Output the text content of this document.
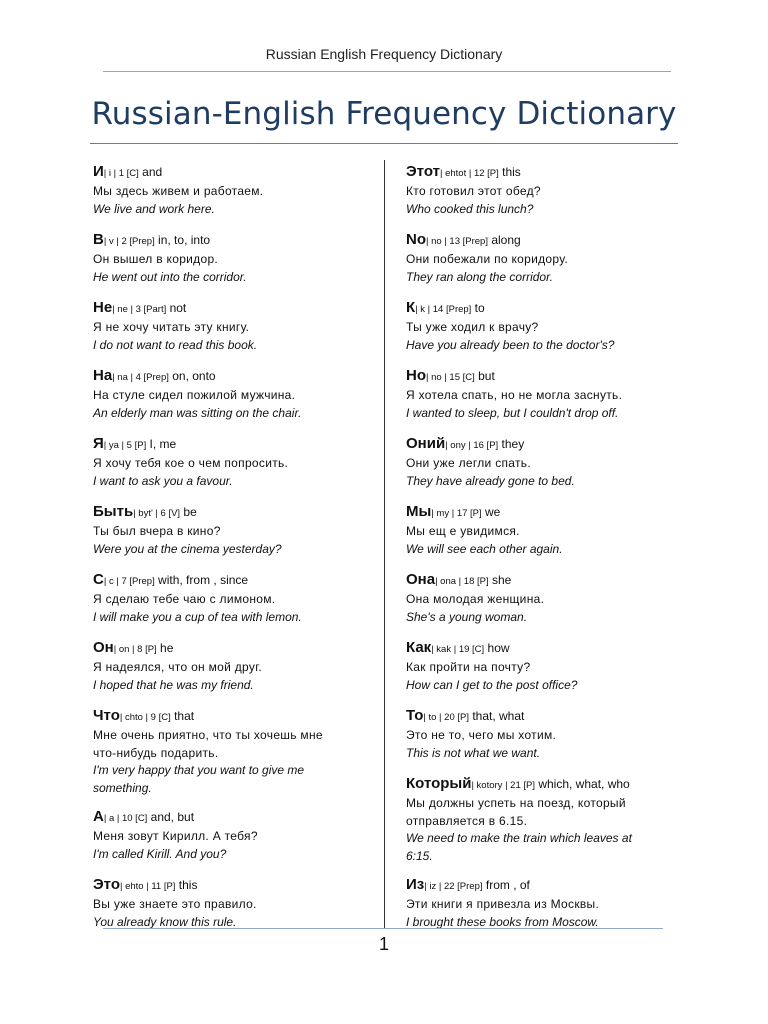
Russian English Frequency Dictionary
Russian-English Frequency Dictionary
И| i | 1 [C] and
Мы здесь живем и работаем.
We live and work here.
В| v | 2 [Prep] in, to, into
Он вышел в коридор.
He went out into the corridor.
Не| ne | 3 [Part] not
Я не хочу читать эту книгу.
I do not want to read this book.
На| na | 4 [Prep] on, onto
На стуле сидел пожилой мужчина.
An elderly man was sitting on the chair.
Я| ya | 5 [P] I, me
Я хочу тебя кое о чем попросить.
I want to ask you a favour.
Быть| byt' | 6 [V] be
Ты был вчера в кино?
Were you at the cinema yesterday?
С| c | 7 [Prep] with, from , since
Я сделаю тебе чаю с лимоном.
I will make you a cup of tea with lemon.
Он| on | 8 [P] he
Я надеялся, что он мой друг.
I hoped that he was my friend.
Что| chto | 9 [C] that
Мне очень приятно, что ты хочешь мне
что-нибудь подарить.
I'm very happy that you want to give me
something.
А| a | 10 [C] and, but
Меня зовут Кирилл. А тебя?
I'm called Kirill. And you?
Это| ehto | 11 [P] this
Вы уже знаете это правило.
You already know this rule.
Этот| ehtot | 12 [P] this
Кто готовил этот обед?
Who cooked this lunch?
No| no | 13 [Prep] along
Они побежали по коридору.
They ran along the corridor.
К| k | 14 [Prep] to
Ты уже ходил к врачу?
Have you already been to the doctor's?
Но| no | 15 [C] but
Я хотела спать, но не могла заснуть.
I wanted to sleep, but I couldn't drop off.
Оний| ony | 16 [P] they
Они уже легли спать.
They have already gone to bed.
Мы| my | 17 [P] we
Мы ещ е увидимся.
We will see each other again.
Она| ona | 18 [P] she
Она молодая женщина.
She's a young woman.
Как| kak | 19 [C] how
Как пройти на почту?
How can I get to the post office?
То| to | 20 [P] that, what
Это не то, чего мы хотим.
This is not what we want.
Который| kotory | 21 [P] which, what, who
Мы должны успеть на поезд, который
отправляется в 6.15.
We need to make the train which leaves at
6:15.
Из| iz | 22 [Prep] from , of
Эти книги я привезла из Москвы.
I brought these books from Moscow.
1
